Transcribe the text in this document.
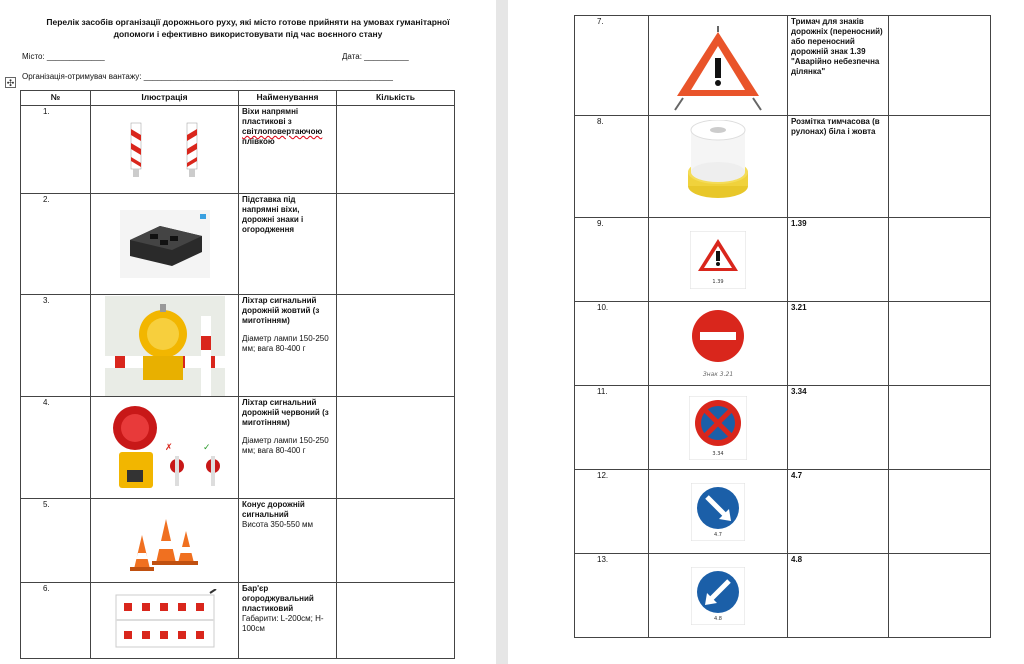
Перелік засобів організації дорожнього руху, які місто готове прийняти на умовах гуманітарної допомоги і ефективно використовувати під час воєнного стану
Місто: _____________	Дата: __________
Організація-отримувач вантажу: ________________________________________________________
✣
№	Ілюстрація	Найменування	Кількість
1.		Віхи напрямні пластикові з світлоповертаючою плівкою	
2.		Підставка під напрямні віхи, дорожні знаки і огородження	
3.		Ліхтар сигнальний дорожній жовтий (з миготінням)
Діаметр лампи 150-250 мм; вага 80-400 г	

4.	✗ ✓	Ліхтар сигнальний дорожній червоний (з миготінням)
Діаметр лампи 150-250 мм; вага 80-400 г	

5.		Конус дорожній сигнальний
Висота 350-550 мм	

6.		Бар'єр огороджувальний пластиковий
Габарити: L-200см; H-100см	

7.		Тримач для знаків дорожніх (переносний) або переносний дорожній знак 1.39 "Аварійно небезпечна ділянка"	
8.		Розмітка тимчасова (в рулонах) біла і жовта	
9.	1.39	1.39	
10.	Знак 3.21	3.21	
11.	3.34	3.34	
12.	4.7	4.7	
13.	4.8	4.8	
